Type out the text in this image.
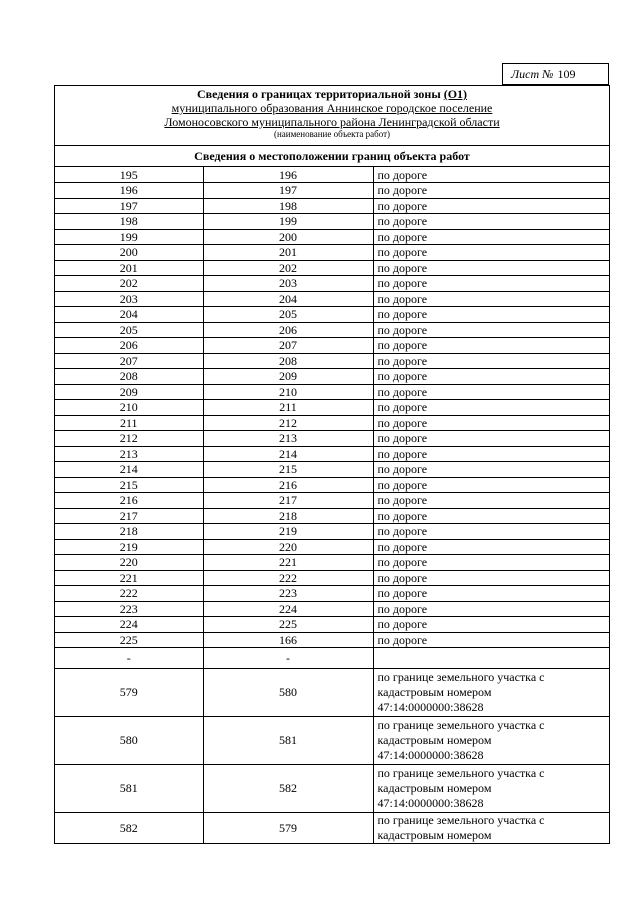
Лист № 109
Сведения о границах территориальной зоны (О1)
муниципального образования Аннинское городское поселение
Ломоносовского муниципального района Ленинградской области
(наименование объекта работ)
Сведения о местоположении границ объекта работ
195	196	по дороге
196	197	по дороге
197	198	по дороге
198	199	по дороге
199	200	по дороге
200	201	по дороге
201	202	по дороге
202	203	по дороге
203	204	по дороге
204	205	по дороге
205	206	по дороге
206	207	по дороге
207	208	по дороге
208	209	по дороге
209	210	по дороге
210	211	по дороге
211	212	по дороге
212	213	по дороге
213	214	по дороге
214	215	по дороге
215	216	по дороге
216	217	по дороге
217	218	по дороге
218	219	по дороге
219	220	по дороге
220	221	по дороге
221	222	по дороге
222	223	по дороге
223	224	по дороге
224	225	по дороге
225	166	по дороге
-	-	
579	580	по границе земельного участка с
кадастровым номером
47:14:0000000:38628

580	581	по границе земельного участка с
кадастровым номером
47:14:0000000:38628

581	582	по границе земельного участка с
кадастровым номером
47:14:0000000:38628

582	579	по границе земельного участка с
кадастровым номером
